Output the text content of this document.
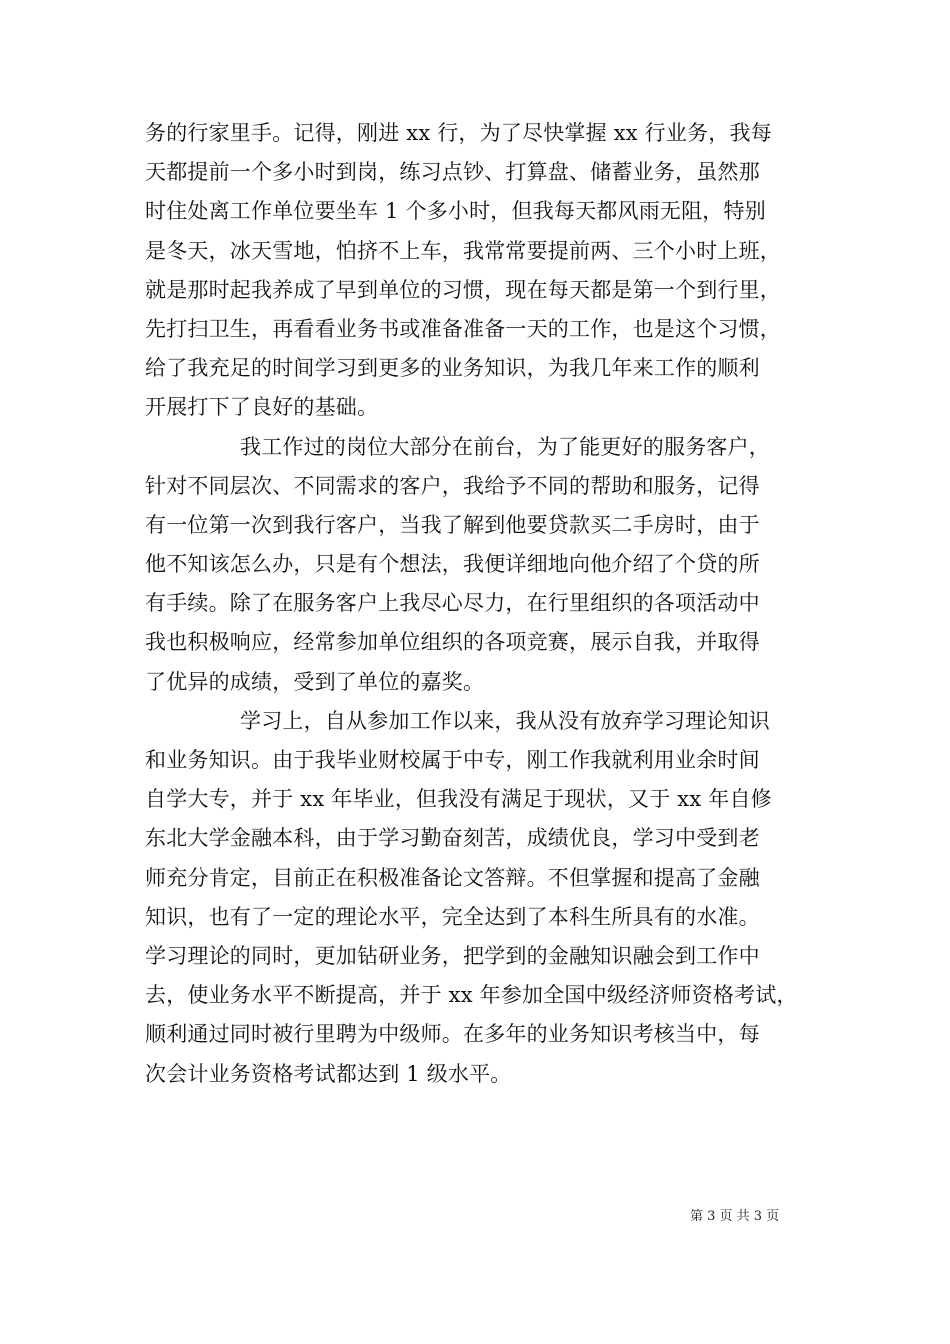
务的行家里手。记得，刚进 xx 行，为了尽快掌握 xx 行业务，我每
天都提前一个多小时到岗，练习点钞、打算盘、储蓄业务，虽然那
时住处离工作单位要坐车 1 个多小时，但我每天都风雨无阻，特别
是冬天，冰天雪地，怕挤不上车，我常常要提前两、三个小时上班，
就是那时起我养成了早到单位的习惯，现在每天都是第一个到行里，
先打扫卫生，再看看业务书或准备准备一天的工作，也是这个习惯，
给了我充足的时间学习到更多的业务知识，为我几年来工作的顺利
开展打下了良好的基础。
我工作过的岗位大部分在前台，为了能更好的服务客户，
针对不同层次、不同需求的客户，我给予不同的帮助和服务，记得
有一位第一次到我行客户，当我了解到他要贷款买二手房时，由于
他不知该怎么办，只是有个想法，我便详细地向他介绍了个贷的所
有手续。除了在服务客户上我尽心尽力，在行里组织的各项活动中
我也积极响应，经常参加单位组织的各项竞赛，展示自我，并取得
了优异的成绩，受到了单位的嘉奖。
学习上，自从参加工作以来，我从没有放弃学习理论知识
和业务知识。由于我毕业财校属于中专，刚工作我就利用业余时间
自学大专，并于 xx 年毕业，但我没有满足于现状，又于 xx 年自修
东北大学金融本科，由于学习勤奋刻苦，成绩优良，学习中受到老
师充分肯定，目前正在积极准备论文答辩。不但掌握和提高了金融
知识，也有了一定的理论水平，完全达到了本科生所具有的水准。
学习理论的同时，更加钻研业务，把学到的金融知识融会到工作中
去，使业务水平不断提高，并于 xx 年参加全国中级经济师资格考试，
顺利通过同时被行里聘为中级师。在多年的业务知识考核当中，每
次会计业务资格考试都达到 1 级水平。
第 3 页 共 3 页
